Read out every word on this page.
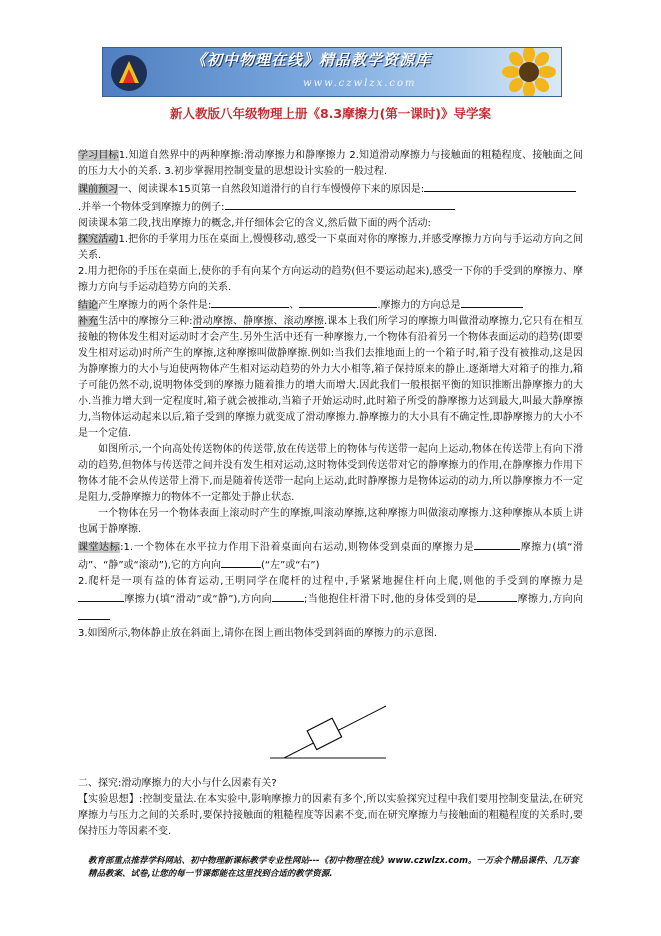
《初中物理在线》精品教学资源库
www.czwlzx.com
新人教版八年级物理上册《8.3摩擦力(第一课时)》导学案

学习目标1.知道自然界中的两种摩擦:滑动摩擦力和静摩擦力 2.知道滑动摩擦力与接触面的粗糙程度、接触面之间的压力大小的关系. 3.初步掌握用控制变量的思想设计实验的一般过程.

课前预习一、阅读课本15页第一自然段知道滑行的自行车慢慢停下来的原因是:

.并举一个物体受到摩擦力的例子:

阅读课本第二段,找出摩擦力的概念,并仔细体会它的含义,然后做下面的两个活动:

探究活动1.把你的手掌用力压在桌面上,慢慢移动,感受一下桌面对你的摩擦力,并感受摩擦力方向与手运动方向之间关系.

2.用力把你的手压在桌面上,使你的手有向某个方向运动的趋势(但不要运动起来),感受一下你的手受到的摩擦力、摩擦力方向与手运动趋势方向的关系.

结论产生摩擦力的两个条件是:	、	.摩擦力的方向总是

补充生活中的摩擦分三种:滑动摩擦、静摩擦、滚动摩擦.课本上我们所学习的摩擦力叫做滑动摩擦力,它只有在相互接触的物体发生相对运动时才会产生.另外生活中还有一种摩擦力,一个物体有沿着另一个物体表面运动的趋势(即要发生相对运动)时所产生的摩擦,这种摩擦叫做静摩擦.例如:当我们去推地面上的一个箱子时,箱子没有被推动,这是因为静摩擦力的大小与迫使两物体产生相对运动趋势的外力大小相等,箱子保持原来的静止.逐渐增大对箱子的推力,箱子可能仍然不动,说明物体受到的摩擦力随着推力的增大而增大.因此我们一般根据平衡的知识推断出静摩擦力的大小.当推力增大到一定程度时,箱子就会被推动,当箱子开始运动时,此时箱子所受的静摩擦力达到最大,叫最大静摩擦力,当物体运动起来以后,箱子受到的摩擦力就变成了滑动摩擦力.静摩擦力的大小具有不确定性,即静摩擦力的大小不是一个定值.

如图所示,一个向高处传送物体的传送带,放在传送带上的物体与传送带一起向上运动,物体在传送带上有向下滑动的趋势,但物体与传送带之间并没有发生相对运动,这时物体受到传送带对它的静摩擦力的作用,在静摩擦力作用下物体才能不会从传送带上滑下,而是随着传送带一起向上运动,此时静摩擦力是物体运动的动力,所以静摩擦力不一定是阻力,受静摩擦力的物体不一定都处于静止状态.

一个物体在另一个物体表面上滚动时产生的摩擦,叫滚动摩擦,这种摩擦力叫做滚动摩擦力.这种摩擦从本质上讲也属于静摩擦.

课堂达标:1.一个物体在水平拉力作用下沿着桌面向右运动,则物体受到桌面的摩擦力是	摩擦力(填“滑动”、“静”或“滚动”),它的方向向	(“左”或“右”)

2.爬杆是一项有益的体育运动,王明同学在爬杆的过程中,手紧紧地握住杆向上爬,则他的手受到的摩擦力是摩擦力(填“滑动”或“静”),方向向	;当他抱住杆滑下时,他的身体受到的是	摩擦力,方向向

3.如图所示,物体静止放在斜面上,请你在图上画出物体受到斜面的摩擦力的示意图.

二、探究:滑动摩擦力的大小与什么因素有关?

【实验思想】:控制变量法.在本实验中,影响摩擦力的因素有多个,所以实验探究过程中我们要用控制变量法,在研究摩擦力与压力之间的关系时,要保持接触面的粗糙程度等因素不变,而在研究摩擦力与接触面的粗糙程度的关系时,要保持压力等因素不变.

教育部重点推荐学科网站、初中物理新课标教学专业性网站---《初中物理在线》www.czwlzx.com。一万余个精品课件、几万套精品教案、试卷,让您的每一节课都能在这里找到合适的教学资源.
